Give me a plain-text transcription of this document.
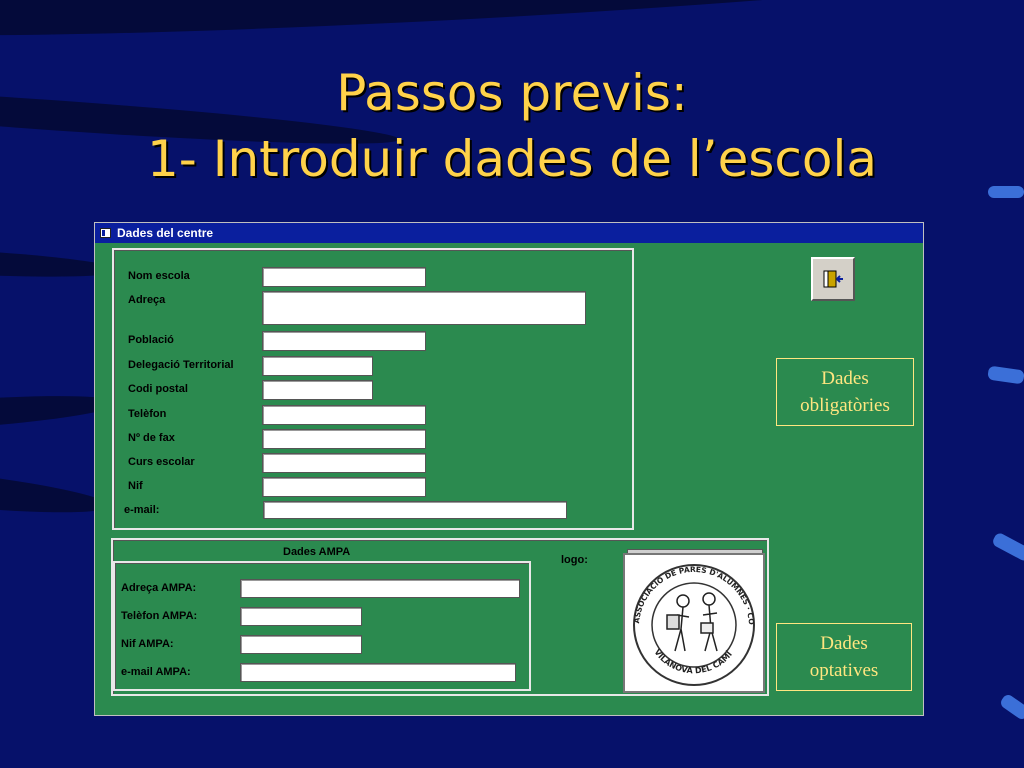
Passos previs:
1- Introduir dades de l’escola
Dades del centre
Nom escola
Adreça
Població
Delegació Territorial
Codi postal
Telèfon
Nº de fax
Curs escolar
Nif
e-mail:
Dades
obligatòries
Dades AMPA
logo:
Adreça AMPA:
Telèfon AMPA:
Nif AMPA:
e-mail AMPA:
ASSOCIACIÓ DE PARES D'ALUMNES · CO
VILANOVA DEL CAMÍ	Dades
optatives
